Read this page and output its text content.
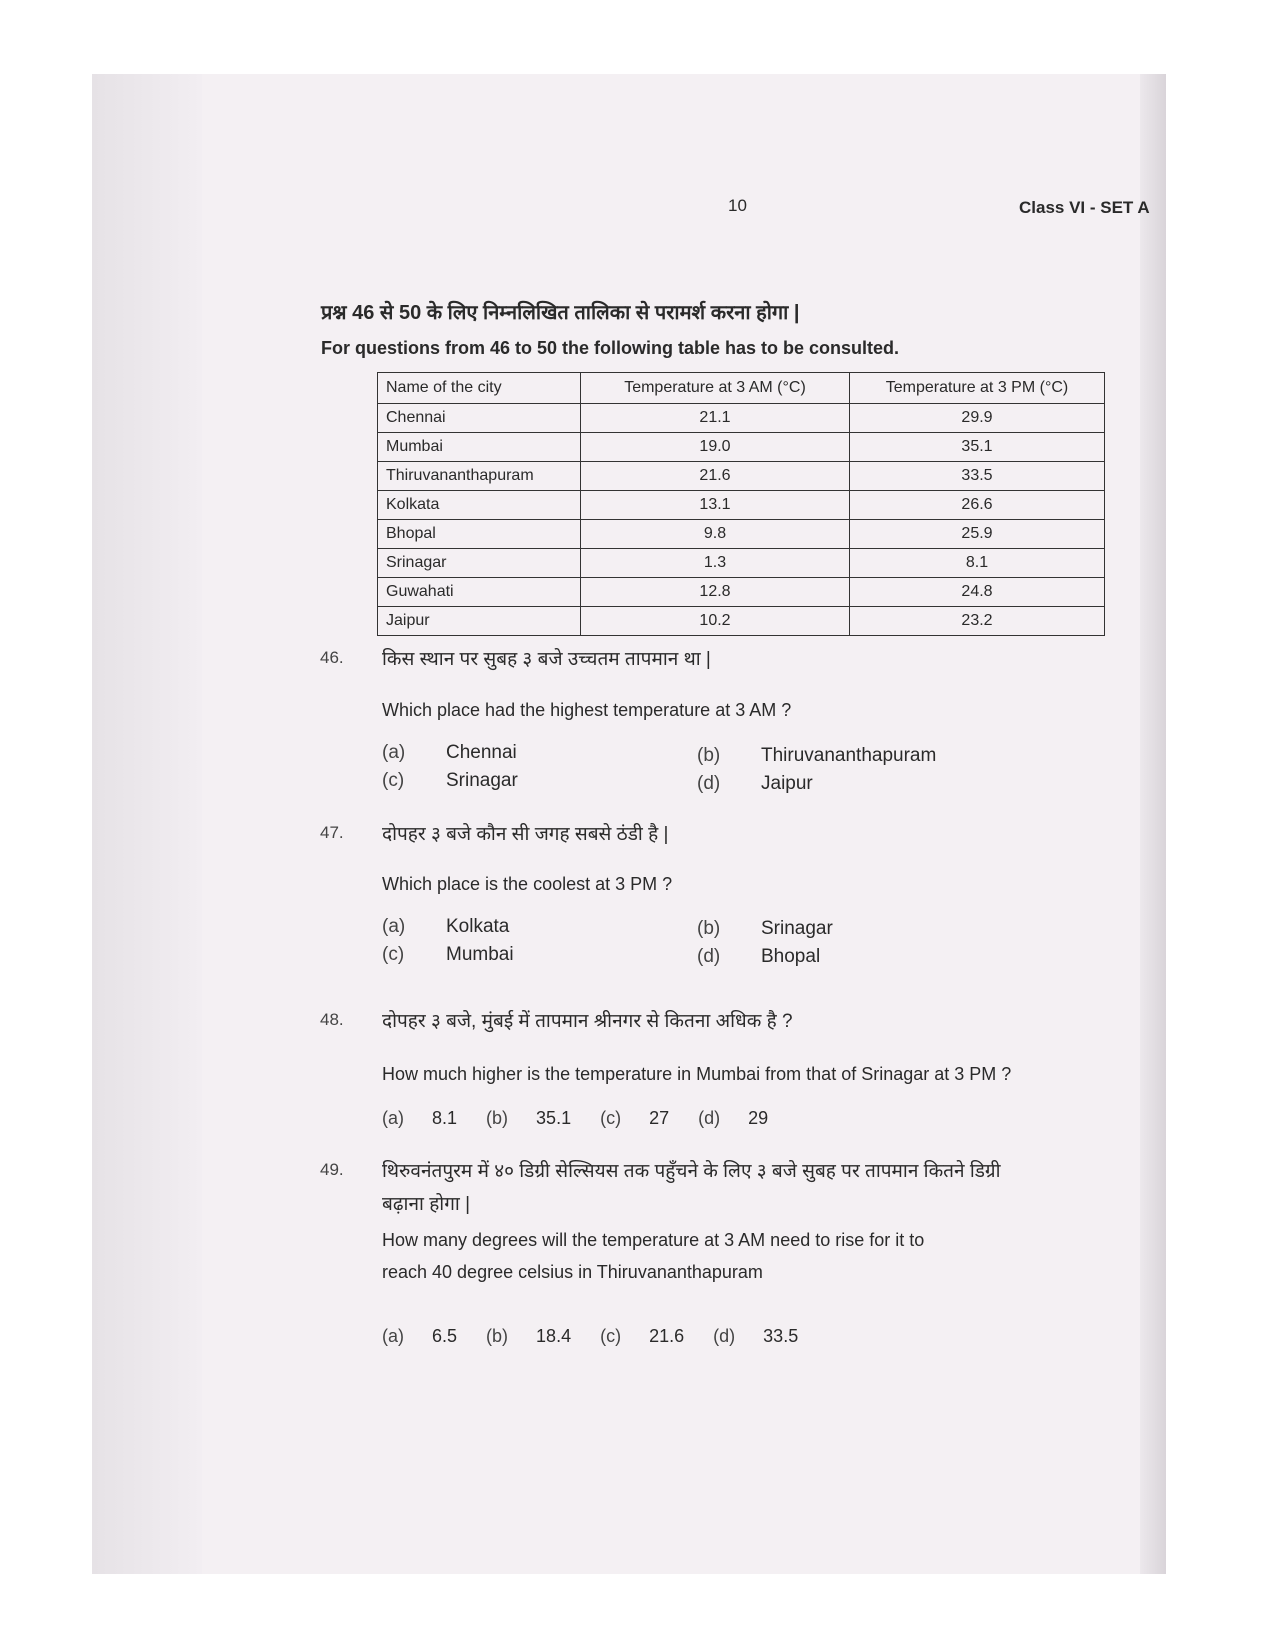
10	Class VI - SET A
प्रश्न 46 से 50 के लिए निम्नलिखित तालिका से परामर्श करना होगा |
For questions from 46 to 50 the following table has to be consulted.
Name of the city	Temperature at 3 AM (°C)	Temperature at 3 PM (°C)
Chennai	21.1	29.9
Mumbai	19.0	35.1
Thiruvananthapuram	21.6	33.5
Kolkata	13.1	26.6
Bhopal	9.8	25.9
Srinagar	1.3	8.1
Guwahati	12.8	24.8
Jaipur	10.2	23.2
46. किस स्थान पर सुबह ३ बजे उच्चतम तापमान था |
Which place had the highest temperature at 3 AM ?
(a) Chennai	(b) Thiruvananthapuram
(c) Srinagar	(d) Jaipur
47. दोपहर ३ बजे कौन सी जगह सबसे ठंडी है |
Which place is the coolest at 3 PM ?
(a) Kolkata	(b) Srinagar
(c) Mumbai	(d) Bhopal
48. दोपहर ३ बजे, मुंबई में तापमान श्रीनगर से कितना अधिक है ?
How much higher is the temperature in Mumbai from that of Srinagar at 3 PM ?
(a) 8.1 (b) 35.1 (c) 27 (d) 29
49. थिरुवनंतपुरम में ४० डिग्री सेल्सियस तक पहुँचने के लिए ३ बजे सुबह पर तापमान कितने डिग्री
बढ़ाना होगा |
How many degrees will the temperature at 3 AM need to rise for it to
reach 40 degree celsius in Thiruvananthapuram
(a) 6.5 (b) 18.4 (c) 21.6 (d) 33.5
